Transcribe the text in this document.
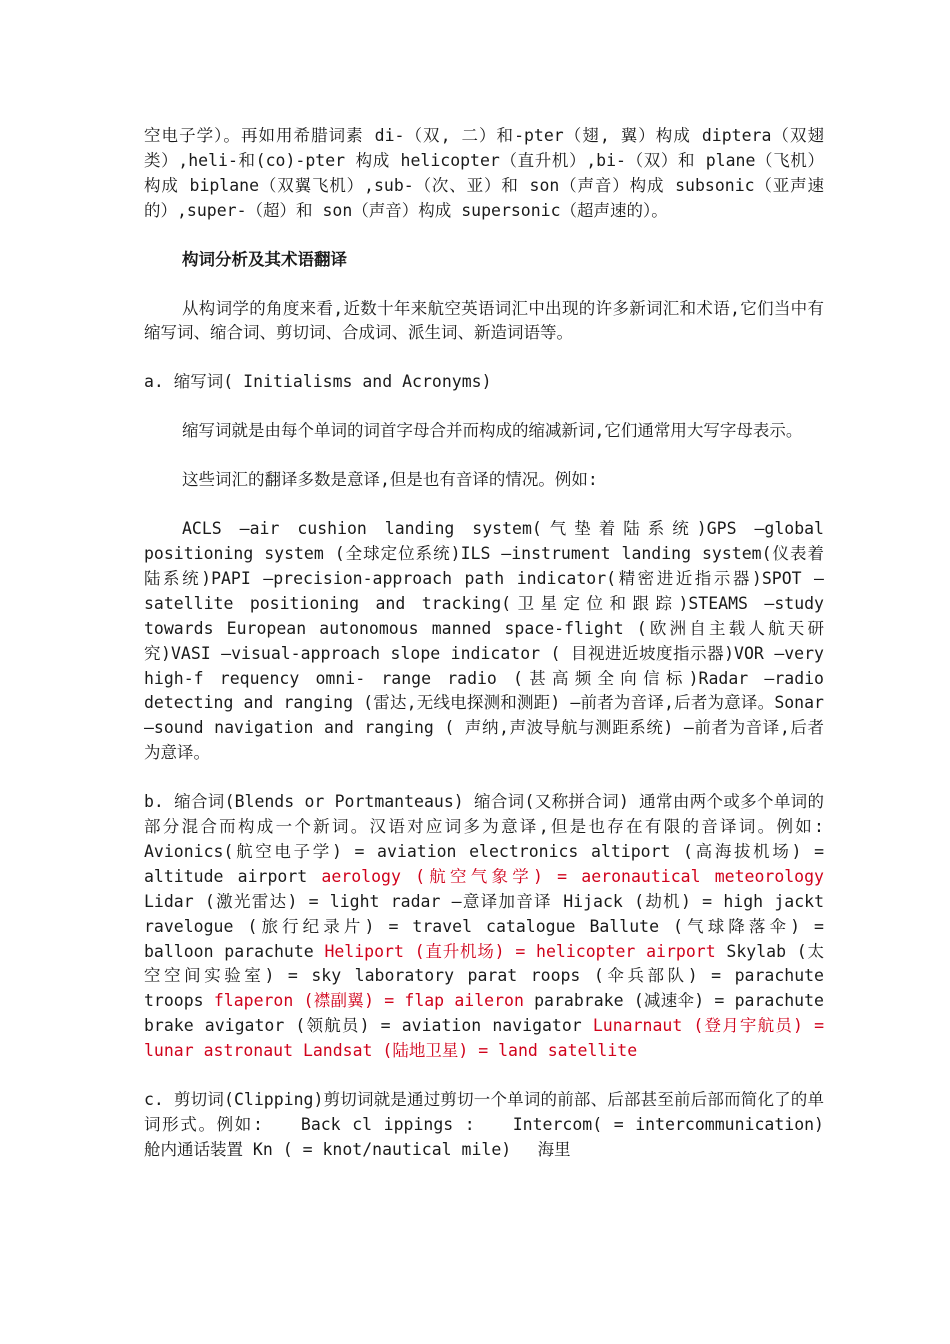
空电子学）。再如用希腊词素 di-（双, 二）和-pter（翅, 翼）构成 diptera（双翅类）,heli-和(co)-pter 构成 helicopter（直升机）,bi-（双）和 plane（飞机）构成 biplane（双翼飞机）,sub-（次、亚）和 son（声音）构成 subsonic（亚声速的）,super-（超）和 son（声音）构成 supersonic（超声速的）。

构词分析及其术语翻译

从构词学的角度来看,近数十年来航空英语词汇中出现的许多新词汇和术语,它们当中有缩写词、缩合词、剪切词、合成词、派生词、新造词语等。

a. 缩写词( Initialisms and Acronyms)

缩写词就是由每个单词的词首字母合并而构成的缩减新词,它们通常用大写字母表示。

这些词汇的翻译多数是意译,但是也有音译的情况。例如:

ACLS —air cushion landing system(气垫着陆系统)GPS —global positioning system (全球定位系统)ILS —instrument landing system(仪表着陆系统)PAPI —precision-approach path indicator(精密进近指示器)SPOT —satellite positioning and tracking(卫星定位和跟踪)STEAMS —study towards European autonomous manned space-flight (欧洲自主载人航天研究)VASI —visual-approach slope indicator ( 目视进近坡度指示器)VOR —very high-f requency omni- range radio (甚高频全向信标)Radar —radio detecting and ranging (雷达,无线电探测和测距) —前者为音译,后者为意译。Sonar —sound navigation and ranging ( 声纳,声波导航与测距系统) —前者为音译,后者为意译。

b. 缩合词(Blends or Portmanteaus) 缩合词(又称拼合词) 通常由两个或多个单词的部分混合而构成一个新词。汉语对应词多为意译,但是也存在有限的音译词。例如:　　 Avionics(航空电子学) = aviation electronics altiport (高海拔机场) = altitude airport aerology (航空气象学) = aeronautical meteorology Lidar (激光雷达) = light radar —意译加音译 Hijack (劫机) = high jackt ravelogue (旅行纪录片) = travel catalogue Ballute (气球降落伞) = balloon parachute Heliport (直升机场) = helicopter airport Skylab (太空空间实验室) = sky laboratory parat roops (伞兵部队) = parachute troops flaperon (襟副翼) = flap aileron parabrake (减速伞) = parachute brake avigator (领航员) = aviation navigator Lunarnaut (登月宇航员) = lunar astronaut Landsat (陆地卫星) = land satellite

c. 剪切词(Clipping)剪切词就是通过剪切一个单词的前部、后部甚至前后部而简化了的单词形式。例如:　　Back cl ippings :　　Intercom( = intercommunication)　 舱内通话装置 Kn ( = knot/nautical mile)　 海里
